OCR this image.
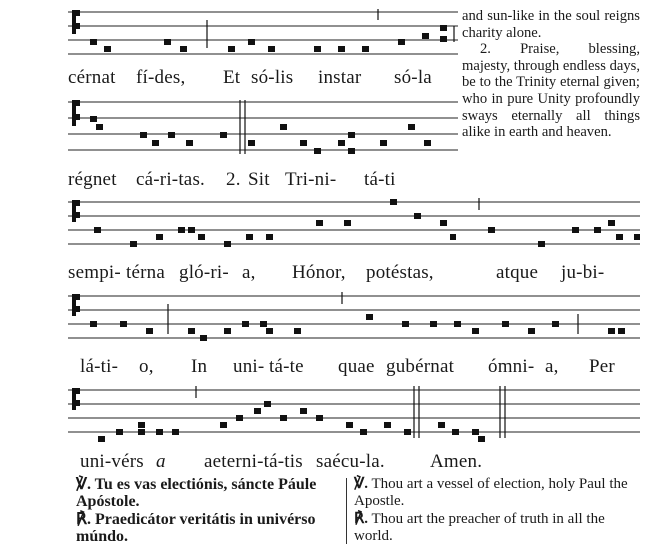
cérnat fí-des, Et só-lis instar só-la
régnet cá-ri-tas. 2. Sit Tri-ni- tá-ti
sempi- térna gló-ri- a, Hónor, potéstas,	atque ju-bi-
lá-ti- o, In uni- tá-te quae gubérnat ómni- a, Per
uni-vérs a aeterni-tá-tis saécu-la. Amen.

and sun-like in the soul reigns charity alone.

2. Praise, blessing, majesty, through endless days, be to the Trinity eternal given; who in pure Unity profoundly sways eternally all things alike in earth and heaven.

℣. Tu es vas electiónis, sáncte Páule Apóstole.

℟. Praedicátor veritátis in univérso múndo.

℣. Thou art a vessel of election, holy Paul the Apostle.

℟. Thou art the preacher of truth in all the world.
